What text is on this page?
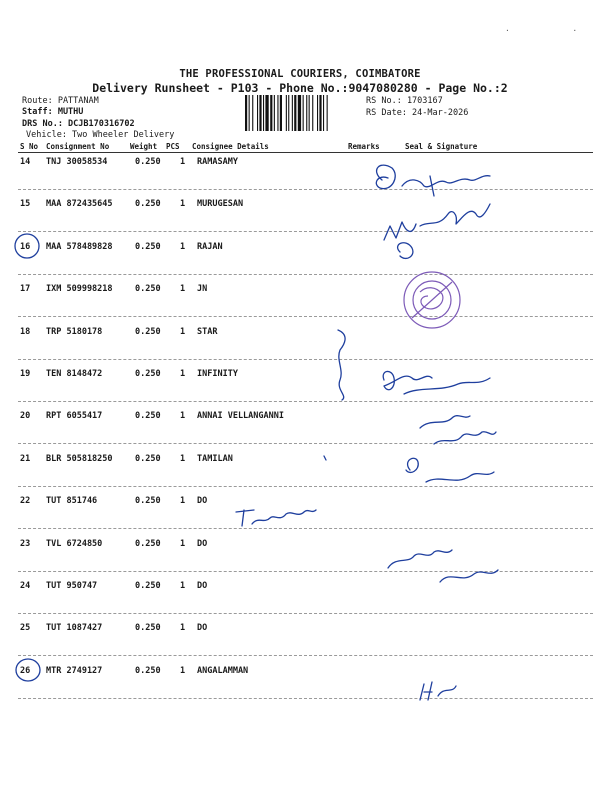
·             ·
THE PROFESSIONAL COURIERS, COIMBATORE
Delivery Runsheet - P103 - Phone No.:9047080280 - Page No.:2
Route: PATTANAM
Staff: MUTHU
DRS No.: DCJB170316702
Vehicle: Two Wheeler Delivery
RS No.: 1703167
RS Date: 24-Mar-2026
S No Consignment No	Weight PCS Consignee Details	Remarks	Seal & Signature
14 TNJ 30058534	0.250 1 RAMASAMY
15 MAA 872435645	0.250 1 MURUGESAN
16 MAA 578489828	0.250 1 RAJAN
17 IXM 509998218	0.250 1 JN
18 TRP 5180178	0.250 1 STAR
19 TEN 8148472	0.250 1 INFINITY
20 RPT 6055417	0.250 1 ANNAI VELLANGANNI
21 BLR 505818250	0.250 1 TAMILAN
22 TUT 851746	0.250 1 DO
23 TVL 6724850	0.250 1 DO
24 TUT 950747	0.250 1 DO
25 TUT 1087427	0.250 1 DO
26 MTR 2749127	0.250 1 ANGALAMMAN
